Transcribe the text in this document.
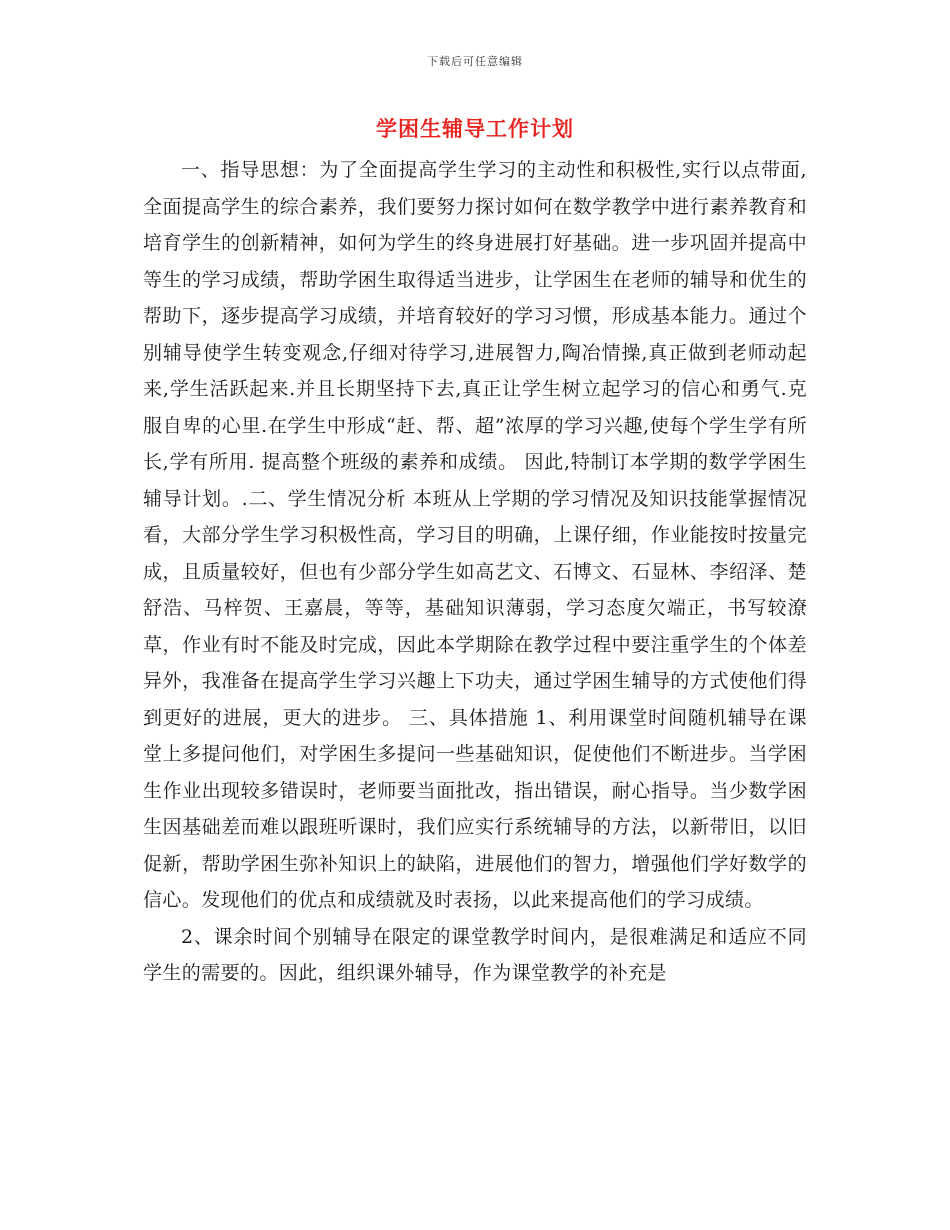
下载后可任意编辑
学困生辅导工作计划

一、指导思想：为了全面提高学生学习的主动性和积极性,实行以点带面,全面提高学生的综合素养，我们要努力探讨如何在数学教学中进行素养教育和培育学生的创新精神，如何为学生的终身进展打好基础。进一步巩固并提高中等生的学习成绩，帮助学困生取得适当进步，让学困生在老师的辅导和优生的帮助下，逐步提高学习成绩，并培育较好的学习习惯，形成基本能力。通过个别辅导使学生转变观念,仔细对待学习,进展智力,陶冶情操,真正做到老师动起来,学生活跃起来.并且长期坚持下去,真正让学生树立起学习的信心和勇气.克服自卑的心里.在学生中形成“赶、帮、超”浓厚的学习兴趣,使每个学生学有所长,学有所用. 提高整个班级的素养和成绩。 因此,特制订本学期的数学学困生辅导计划。.二、学生情况分析 本班从上学期的学习情况及知识技能掌握情况看，大部分学生学习积极性高，学习目的明确，上课仔细，作业能按时按量完成，且质量较好，但也有少部分学生如高艺文、石博文、石显林、李绍泽、楚舒浩、马梓贺、王嘉晨，等等，基础知识薄弱，学习态度欠端正，书写较潦草，作业有时不能及时完成，因此本学期除在教学过程中要注重学生的个体差异外，我准备在提高学生学习兴趣上下功夫，通过学困生辅导的方式使他们得到更好的进展，更大的进步。 三、具体措施 1、利用课堂时间随机辅导在课堂上多提问他们，对学困生多提问一些基础知识，促使他们不断进步。当学困生作业出现较多错误时，老师要当面批改，指出错误，耐心指导。当少数学困生因基础差而难以跟班听课时，我们应实行系统辅导的方法，以新带旧，以旧促新，帮助学困生弥补知识上的缺陷，进展他们的智力，增强他们学好数学的信心。发现他们的优点和成绩就及时表扬，以此来提高他们的学习成绩。

2、课余时间个别辅导在限定的课堂教学时间内，是很难满足和适应不同学生的需要的。因此，组织课外辅导，作为课堂教学的补充是
